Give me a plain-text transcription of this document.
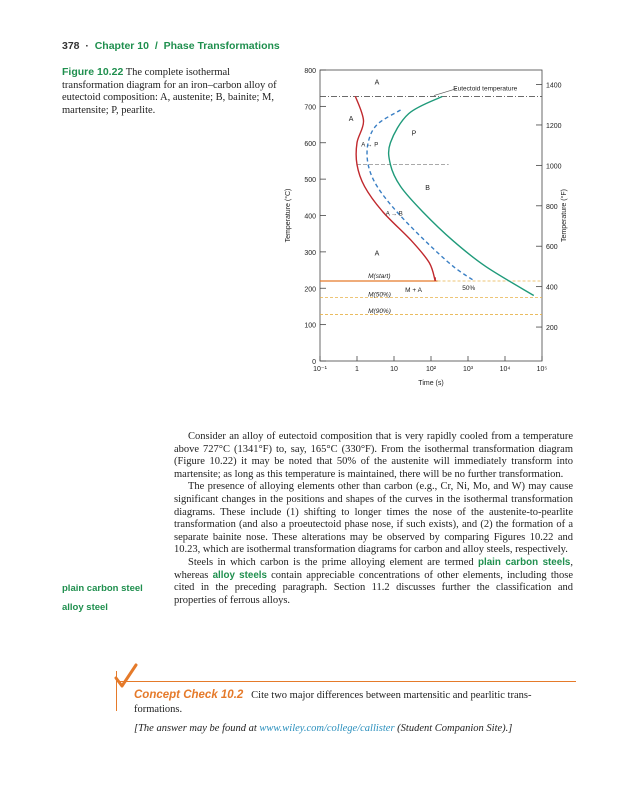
378 · Chapter 10 / Phase Transformations
Figure 10.22 The complete isothermal transformation diagram for an iron–carbon alloy of eutectoid composition: A, austenite; B, bainite; M, martensite; P, pearlite.
0
100
200
300
400
500
600
700
800
200
400
600
800
1000
1200
1400
10⁻¹	1	10	10²	10³	10⁴	10⁵
Time (s)
Temperature (°C)	Temperature (°F)
Eutectoid temperature
A
A
A
P
B
A → P
A → B
M + A	50%
M(start)
M(50%)
M(90%)

Consider an alloy of eutectoid composition that is very rapidly cooled from a temperature above 727°C (1341°F) to, say, 165°C (330°F). From the isothermal transformation diagram (Figure 10.22) it may be noted that 50% of the austenite will immediately transform into martensite; as long as this temperature is maintained, there will be no further transformation.

The presence of alloying elements other than carbon (e.g., Cr, Ni, Mo, and W) may cause significant changes in the positions and shapes of the curves in the isothermal transformation diagrams. These include (1) shifting to longer times the nose of the austenite-to-pearlite transformation (and also a proeutectoid phase nose, if such exists), and (2) the formation of a separate bainite nose. These alterations may be observed by comparing Figures 10.22 and 10.23, which are isothermal transformation diagrams for carbon and alloy steels, respectively.

Steels in which carbon is the prime alloying element are termed plain carbon steels, whereas alloy steels contain appreciable concentrations of other elements, including those cited in the preceding paragraph. Section 11.2 discusses further the classification and properties of ferrous alloys.

plain carbon steel
alloy steel
Concept Check 10.2 Cite two major differences between martensitic and pearlitic trans-
formations.
[The answer may be found at www.wiley.com/college/callister (Student Companion Site).]
